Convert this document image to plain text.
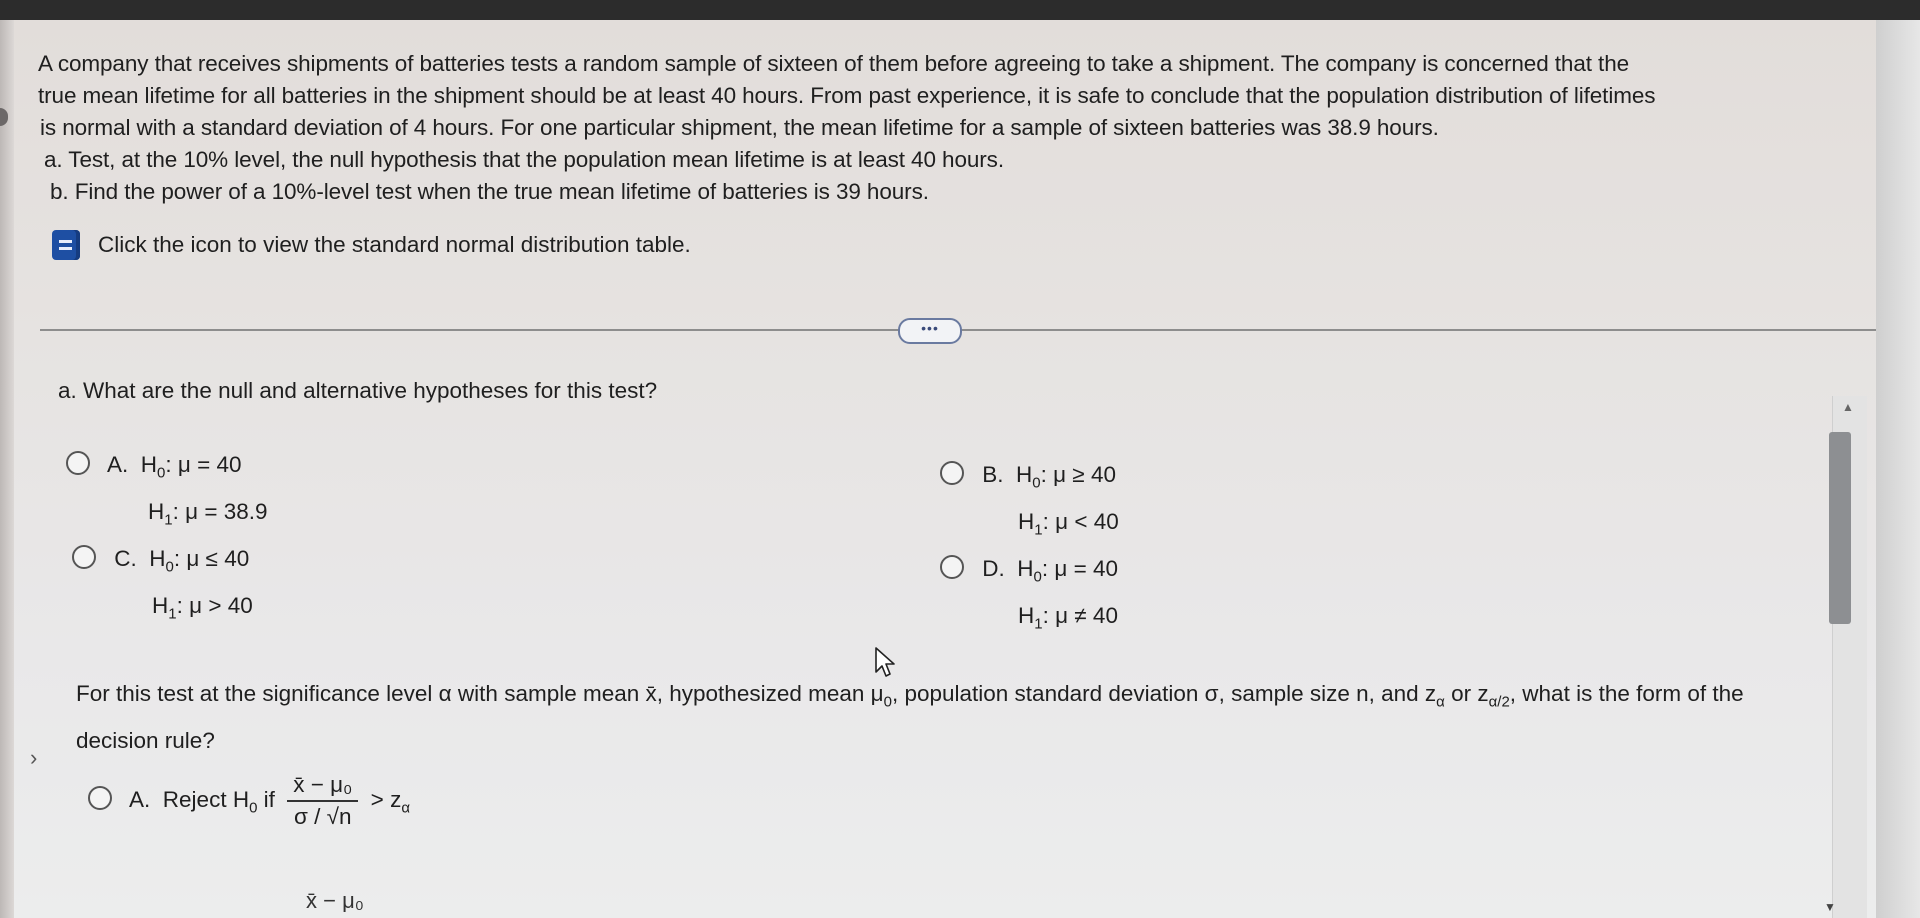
›

A company that receives shipments of batteries tests a random sample of sixteen of them before agreeing to take a shipment. The company is concerned that the

true mean lifetime for all batteries in the shipment should be at least 40 hours. From past experience, it is safe to conclude that the population distribution of lifetimes

is normal with a standard deviation of 4 hours. For one particular shipment, the mean lifetime for a sample of sixteen batteries was 38.9 hours.

a. Test, at the 10% level, the null hypothesis that the population mean lifetime is at least 40 hours.

b. Find the power of a 10%-level test when the true mean lifetime of batteries is 39 hours.

Click the icon to view the standard normal distribution table.
•••
a. What are the null and alternative hypotheses for this test?
A. $H_0$: μ = 40
$H_1$: μ = 38.9
B. $H_0$: μ ≥ 40
$H_1$: μ < 40
C. $H_0$: μ ≤ 40
$H_1$: μ > 40
D. $H_0$: μ = 40
$H_1$: μ ≠ 40
For this test at the significance level α with sample mean x̄, hypothesized mean $\mu_0$, population standard deviation σ, sample size n, and $z_\alpha$ or $z_{\alpha/2}$, what is the form of the decision rule?
A. Reject $H_0$ if $\frac{\text{x̄ − μ₀}}{\sigma / √n} > z_\alpha$
x̄ − μ₀
▲
▼
